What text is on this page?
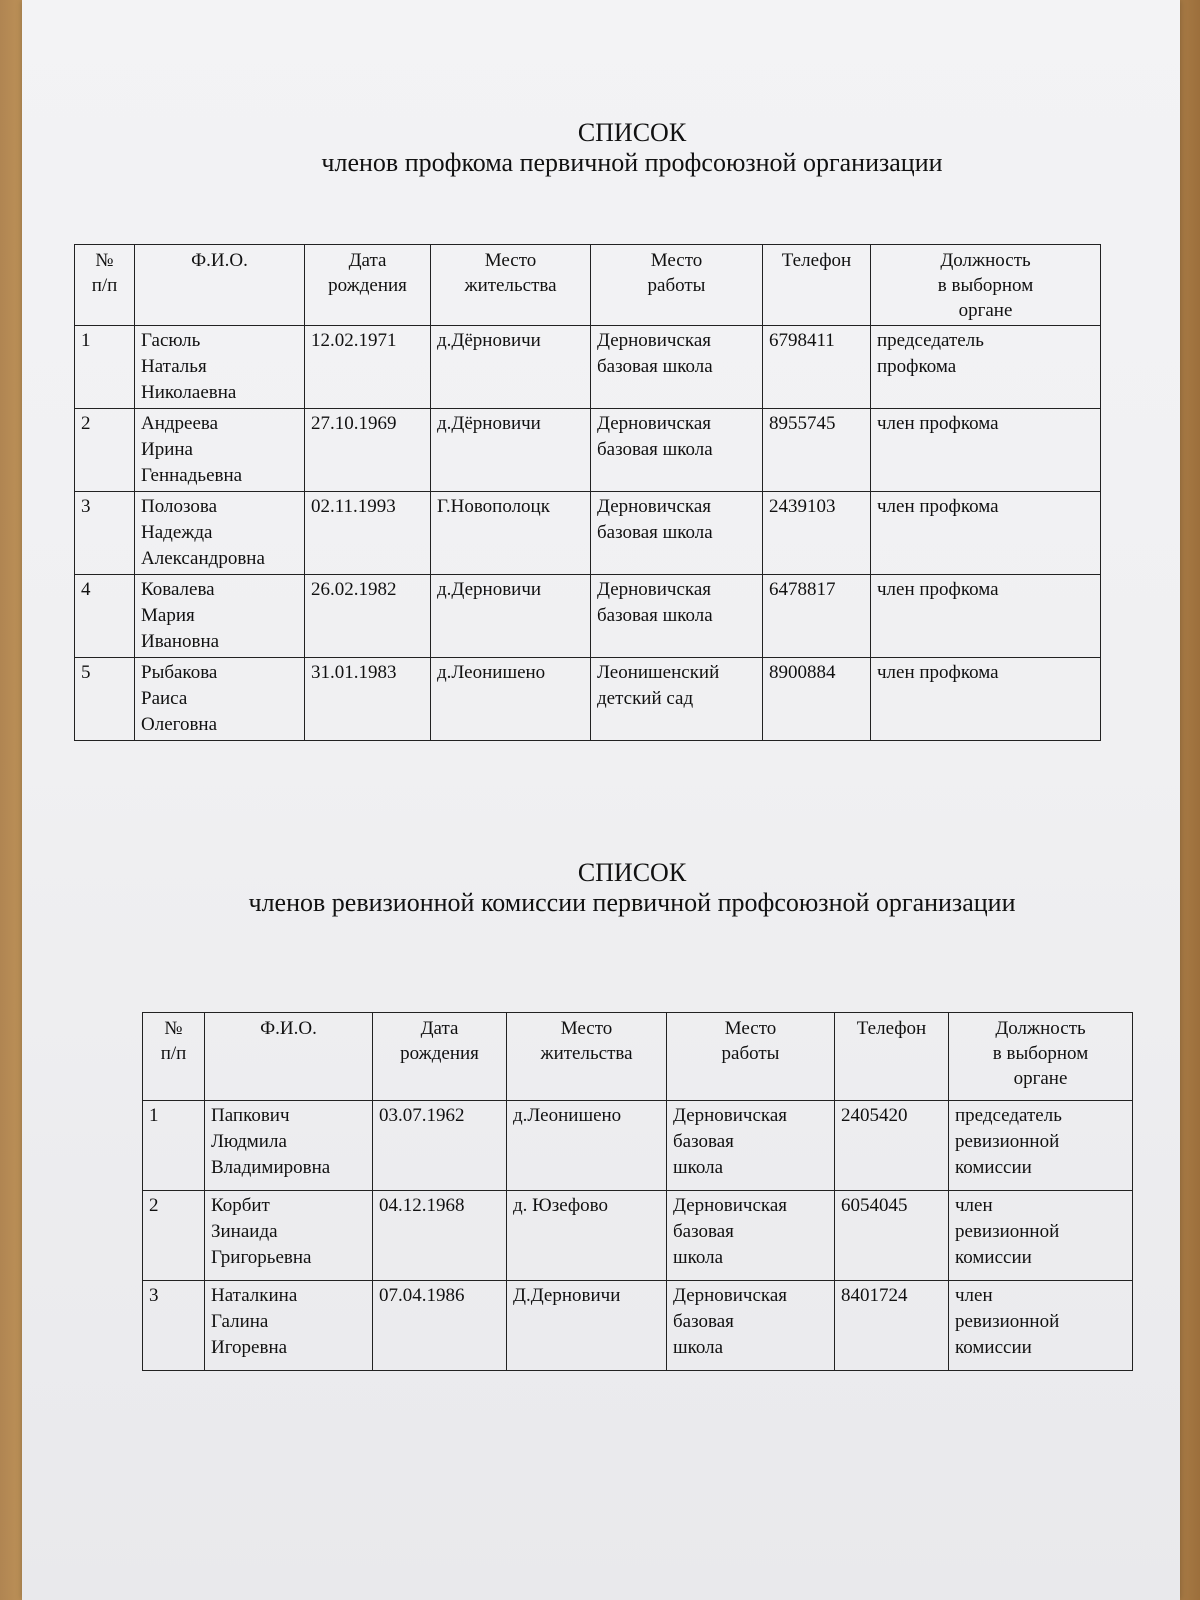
СПИСОК
членов профкома первичной профсоюзной организации
№
п/п	Ф.И.О.	Дата
рождения	Место
жительства	Место
работы	Телефон	Должность
в выборном
органе
1	Гасюль
Наталья
Николаевна	12.02.1971	д.Дёрновичи	Дерновичская
базовая школа	6798411	председатель
профкома
2	Андреева
Ирина
Геннадьевна	27.10.1969	д.Дёрновичи	Дерновичская
базовая школа	8955745	член профкома
3	Полозова
Надежда
Александровна	02.11.1993	Г.Новополоцк	Дерновичская
базовая школа	2439103	член профкома
4	Ковалева
Мария
Ивановна	26.02.1982	д.Дерновичи	Дерновичская
базовая школа	6478817	член профкома
5	Рыбакова
Раиса
Олеговна	31.01.1983	д.Леонишено	Леонишенский
детский сад	8900884	член профкома
СПИСОК
членов ревизионной комиссии первичной профсоюзной организации
№
п/п	Ф.И.О.	Дата
рождения	Место
жительства	Место
работы	Телефон	Должность
в выборном
органе
1	Папкович
Людмила
Владимировна	03.07.1962	д.Леонишено	Дерновичская
базовая
школа	2405420	председатель
ревизионной
комиссии
2	Корбит
Зинаида
Григорьевна	04.12.1968	д. Юзефово	Дерновичская
базовая
школа	6054045	член
ревизионной
комиссии
3	Наталкина
Галина
Игоревна	07.04.1986	Д.Дерновичи	Дерновичская
базовая
школа	8401724	член
ревизионной
комиссии
